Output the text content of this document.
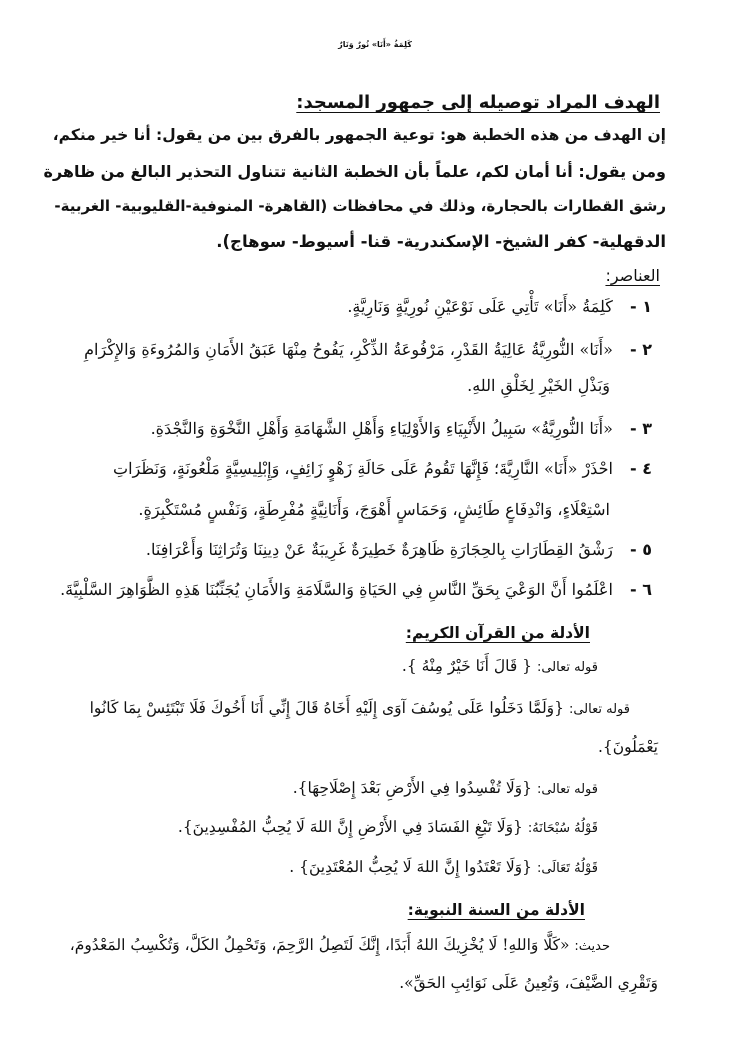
كَلِمَةُ «أَنَا» نُورٌ وَنَارٌ
الهدف المراد توصيله إلى جمهور المسجد:
إن الهدف من هذه الخطبة هو: توعية الجمهور بالفرق بين من يقول: أنا خير منكم،
ومن يقول: أنا أمان لكم، علماً بأن الخطبة الثانية تتناول التحذير البالغ من ظاهرة
رشق القطارات بالحجارة، وذلك في محافظات (القاهرة- المنوفية-القليوبية- الغربية-
الدقهلية- كفر الشيخ- الإسكندرية- قنا- أسيوط- سوهاج).
العناصر:
١ - كَلِمَةُ «أَنَا» تَأْتِي عَلَى نَوْعَيْنِ نُورِيَّةٍ وَنَارِيَّةٍ.
٢ - «أَنَا» النُّورِيَّةُ عَالِيَةُ القَدْرِ، مَرْفُوعَةُ الذِّكْرِ، يَفُوحُ مِنْهَا عَبَقُ الأَمَانِ وَالمُرُوءَةِ وَالإِكْرَامِ
وَبَذْلِ الخَيْرِ لِخَلْقِ اللهِ.
٣ - «أَنَا النُّورِيَّةُ» سَبِيلُ الأَنْبِيَاءِ وَالأَوْلِيَاءِ وَأَهْلِ الشَّهَامَةِ وَأَهْلِ النَّخْوَةِ وَالنَّجْدَةِ.
٤ - احْذَرْ «أَنَا» النَّارِيَّةَ؛ فَإِنَّهَا تَقُومُ عَلَى حَالَةِ زَهْوٍ زَائِفٍ، وَإِبْلِيسِيَّةٍ مَلْعُونَةٍ، وَنَظَرَاتِ
اسْتِعْلَاءٍ، وَانْدِفَاعٍ طَائِشٍ، وَحَمَاسٍ أَهْوَجَ، وَأَنَانِيَّةٍ مُفْرِطَةٍ، وَنَفْسٍ مُسْتَكْبِرَةٍ.
٥ - رَشْقُ القِطَارَاتِ بِالحِجَارَةِ ظَاهِرَةٌ خَطِيرَةٌ غَرِيبَةٌ عَنْ دِينِنَا وَتُرَاثِنَا وَأَعْرَافِنَا.
٦ - اعْلَمُوا أَنَّ الوَعْيَ بِحَقِّ النَّاسِ فِي الحَيَاةِ وَالسَّلَامَةِ وَالأَمَانِ يُجَنِّبُنَا هَذِهِ الظَّوَاهِرَ السَّلْبِيَّةَ.
الأدلة من القرآن الكريم:
قوله تعالى: { قَالَ أَنَا خَيْرٌ مِنْهُ }.
قوله تعالى: {وَلَمَّا دَخَلُوا عَلَى يُوسُفَ آوَى إِلَيْهِ أَخَاهُ قَالَ إِنِّي أَنَا أَخُوكَ فَلَا تَبْتَئِسْ بِمَا كَانُوا
يَعْمَلُونَ}.
قوله تعالى: {وَلَا تُفْسِدُوا فِي الأَرْضِ بَعْدَ إِصْلَاحِهَا}.
قَوْلُهُ سُبْحَانَهُ: {وَلَا تَبْغِ الفَسَادَ فِي الأَرْضِ إِنَّ اللهَ لَا يُحِبُّ المُفْسِدِينَ}.
قَوْلُهُ تَعَالَى: {وَلَا تَعْتَدُوا إِنَّ اللهَ لَا يُحِبُّ المُعْتَدِينَ} .
الأدلة من السنة النبوية:
حديث: «كَلَّا وَاللهِ! لَا يُخْزِيكَ اللهُ أَبَدًا، إِنَّكَ لَتَصِلُ الرَّحِمَ، وَتَحْمِلُ الكَلَّ، وَتُكْسِبُ المَعْدُومَ،
وَتَقْرِي الضَّيْفَ، وَتُعِينُ عَلَى نَوَائِبِ الحَقِّ».
